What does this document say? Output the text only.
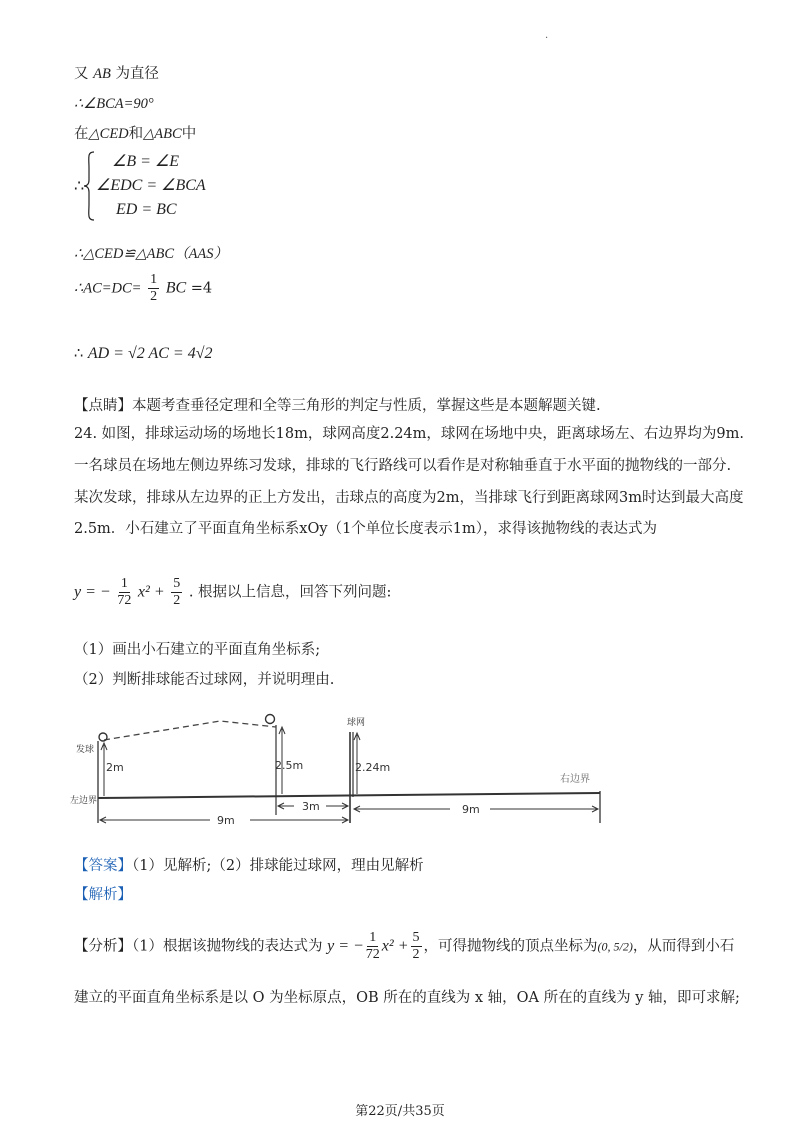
.
又 AB 为直径
∴∠BCA=90°
在△CED和△ABC中
∴
∠B = ∠E
∠EDC = ∠BCA
ED = BC
∴△CED≌△ABC（AAS）
∴AC=DC= $\frac{1}{2}$ BC =4
∴ AD = √2 AC = 4√2
【点睛】本题考查垂径定理和全等三角形的判定与性质，掌握这些是本题解题关键.
24. 如图，排球运动场的场地长18m，球网高度2.24m，球网在场地中央，距离球场左、右边界均为9m.
一名球员在场地左侧边界练习发球，排球的飞行路线可以看作是对称轴垂直于水平面的抛物线的一部分.
某次发球，排球从左边界的正上方发出，击球点的高度为2m，当排球飞行到距离球网3m时达到最大高度
2.5m．小石建立了平面直角坐标系xOy（1个单位长度表示1m），求得该抛物线的表达式为
y = − $\frac{1}{72} x^2 + \frac{5}{2}$ . 根据以上信息，回答下列问题:
（1）画出小石建立的平面直角坐标系;
（2）判断排球能否过球网，并说明理由.
发球
左边界
右边界
球网
2m	2.5m	2.24m
9m
3m	9m
【答案】（1）见解析;（2）排球能过球网，理由见解析
【解析】
【分析】（1）根据该抛物线的表达式为 y = − $\frac{1}{72} x^2 + \frac{5}{2}$ ，可得抛物线的顶点坐标为(0, 5/2)，从而得到小石
建立的平面直角坐标系是以 O 为坐标原点，OB 所在的直线为 x 轴，OA 所在的直线为 y 轴，即可求解;
第22页/共35页
